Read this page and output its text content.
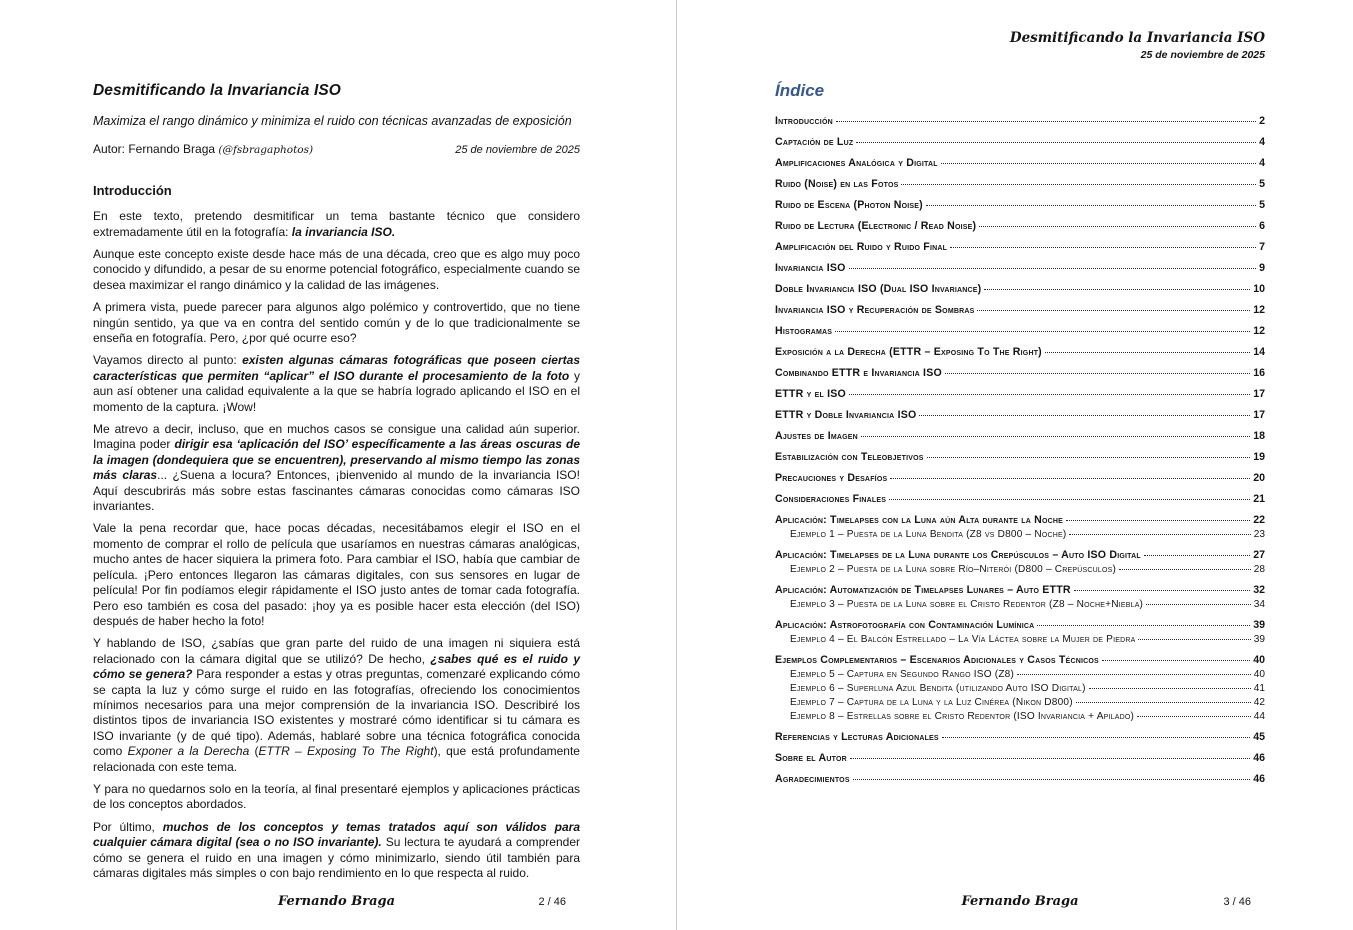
Desmitificando la Invariancia ISO

Maximiza el rango dinámico y minimiza el ruido con técnicas avanzadas de exposición

Autor: Fernando Braga (@fsbragaphotos)	25 de noviembre de 2025
Introducción

En este texto, pretendo desmitificar un tema bastante técnico que considero extremadamente útil en la fotografía: la invariancia ISO.

Aunque este concepto existe desde hace más de una década, creo que es algo muy poco conocido y difundido, a pesar de su enorme potencial fotográfico, especialmente cuando se desea maximizar el rango dinámico y la calidad de las imágenes.

A primera vista, puede parecer para algunos algo polémico y controvertido, que no tiene ningún sentido, ya que va en contra del sentido común y de lo que tradicionalmente se enseña en fotografía. Pero, ¿por qué ocurre eso?

Vayamos directo al punto: existen algunas cámaras fotográficas que poseen ciertas características que permiten “aplicar” el ISO durante el procesamiento de la foto y aun así obtener una calidad equivalente a la que se habría logrado aplicando el ISO en el momento de la captura. ¡Wow!

Me atrevo a decir, incluso, que en muchos casos se consigue una calidad aún superior. Imagina poder dirigir esa ‘aplicación del ISO’ específicamente a las áreas oscuras de la imagen (dondequiera que se encuentren), preservando al mismo tiempo las zonas más claras... ¿Suena a locura? Entonces, ¡bienvenido al mundo de la invariancia ISO! Aquí descubrirás más sobre estas fascinantes cámaras conocidas como cámaras ISO invariantes.

Vale la pena recordar que, hace pocas décadas, necesitábamos elegir el ISO en el momento de comprar el rollo de película que usaríamos en nuestras cámaras analógicas, mucho antes de hacer siquiera la primera foto. Para cambiar el ISO, había que cambiar de película. ¡Pero entonces llegaron las cámaras digitales, con sus sensores en lugar de película! Por fin podíamos elegir rápidamente el ISO justo antes de tomar cada fotografía. Pero eso también es cosa del pasado: ¡hoy ya es posible hacer esta elección (del ISO) después de haber hecho la foto!

Y hablando de ISO, ¿sabías que gran parte del ruido de una imagen ni siquiera está relacionado con la cámara digital que se utilizó? De hecho, ¿sabes qué es el ruido y cómo se genera? Para responder a estas y otras preguntas, comenzaré explicando cómo se capta la luz y cómo surge el ruido en las fotografías, ofreciendo los conocimientos mínimos necesarios para una mejor comprensión de la invariancia ISO. Describiré los distintos tipos de invariancia ISO existentes y mostraré cómo identificar si tu cámara es ISO invariante (y de qué tipo). Además, hablaré sobre una técnica fotográfica conocida como Exponer a la Derecha (ETTR – Exposing To The Right), que está profundamente relacionada con este tema.

Y para no quedarnos solo en la teoría, al final presentaré ejemplos y aplicaciones prácticas de los conceptos abordados.

Por último, muchos de los conceptos y temas tratados aquí son válidos para cualquier cámara digital (sea o no ISO invariante). Su lectura te ayudará a comprender cómo se genera el ruido en una imagen y cómo minimizarlo, siendo útil también para cámaras digitales más simples o con bajo rendimiento en lo que respecta al ruido.

Fernando Braga	2 / 46
Desmitificando la Invariancia ISO
25 de noviembre de 2025
Índice
Introducción	2
Captación de Luz	4
Amplificaciones Analógica y Digital	4
Ruido (Noise) en las Fotos	5
Ruido de Escena (Photon Noise)	5
Ruido de Lectura (Electronic / Read Noise)	6
Amplificación del Ruido y Ruido Final	7
Invariancia ISO	9
Doble Invariancia ISO (Dual ISO Invariance)	10
Invariancia ISO y Recuperación de Sombras	12
Histogramas	12
Exposición a la Derecha (ETTR – Exposing To The Right)	14
Combinando ETTR e Invariancia ISO	16
ETTR y el ISO	17
ETTR y Doble Invariancia ISO	17
Ajustes de Imagen	18
Estabilización con Teleobjetivos	19
Precauciones y Desafíos	20
Consideraciones Finales	21
Aplicación: Timelapses con la Luna aún Alta durante la Noche	22
Ejemplo 1 – Puesta de la Luna Bendita (Z8 vs D800 – Noche)	23
Aplicación: Timelapses de la Luna durante los Crepúsculos – Auto ISO Digital	27
Ejemplo 2 – Puesta de la Luna sobre Río–Niterói (D800 – Crepúsculos)	28
Aplicación: Automatización de Timelapses Lunares – Auto ETTR	32
Ejemplo 3 – Puesta de la Luna sobre el Cristo Redentor (Z8 – Noche+Niebla)	34
Aplicación: Astrofotografía con Contaminación Lumínica	39
Ejemplo 4 – El Balcón Estrellado – La Vía Láctea sobre la Mujer de Piedra	39
Ejemplos Complementarios – Escenarios Adicionales y Casos Técnicos	40
Ejemplo 5 – Captura en Segundo Rango ISO (Z8)	40
Ejemplo 6 – Superluna Azul Bendita (utilizando Auto ISO Digital)	41
Ejemplo 7 – Captura de la Luna y la Luz Cinérea (Nikon D800)	42
Ejemplo 8 – Estrellas sobre el Cristo Redentor (ISO Invariancia + Apilado)	44
Referencias y Lecturas Adicionales	45
Sobre el Autor	46
Agradecimientos	46
Fernando Braga	3 / 46
